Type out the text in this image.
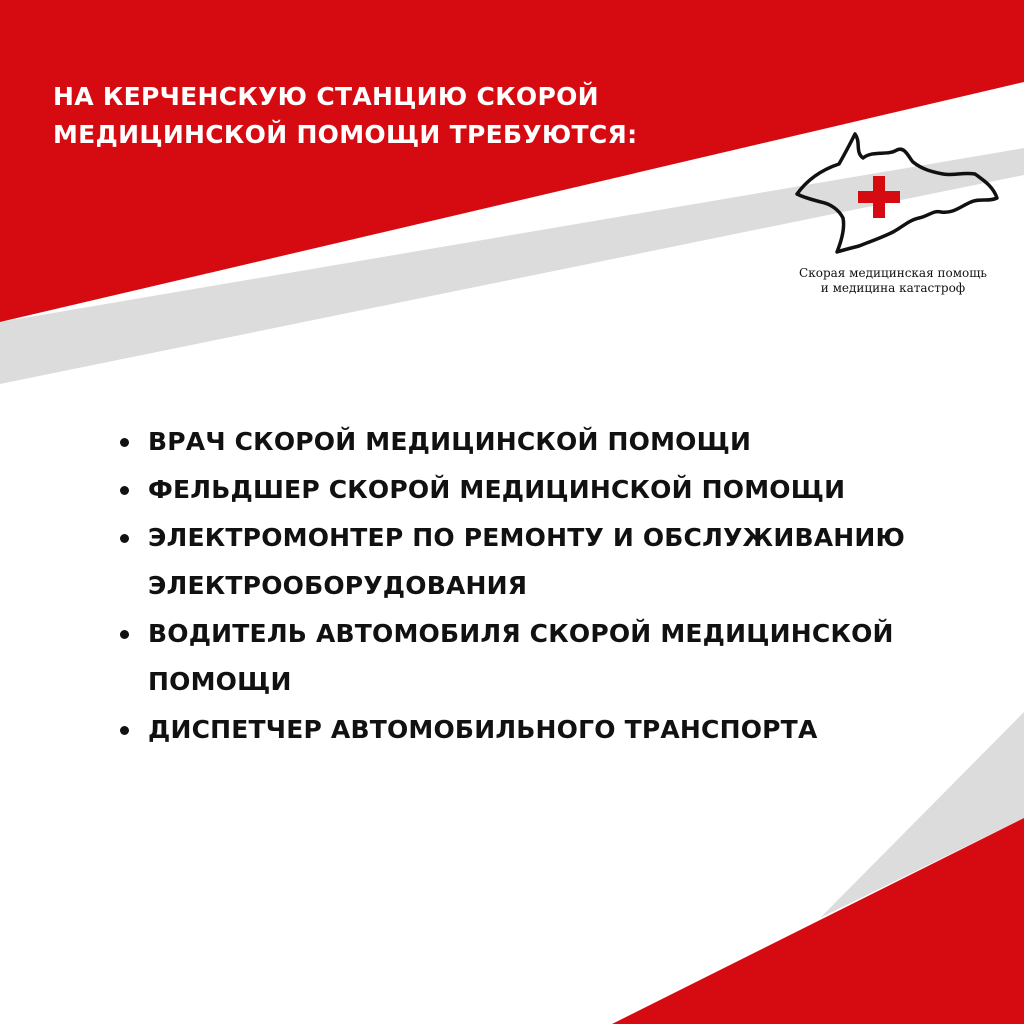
НА КЕРЧЕНСКУЮ СТАНЦИЮ СКОРОЙ
МЕДИЦИНСКОЙ ПОМОЩИ ТРЕБУЮТСЯ:
Скорая медицинская помощь
и медицина катастроф
ВРАЧ СКОРОЙ МЕДИЦИНСКОЙ ПОМОЩИ
ФЕЛЬДШЕР СКОРОЙ МЕДИЦИНСКОЙ ПОМОЩИ
ЭЛЕКТРОМОНТЕР ПО РЕМОНТУ И ОБСЛУЖИВАНИЮ
ЭЛЕКТРООБОРУДОВАНИЯ
ВОДИТЕЛЬ АВТОМОБИЛЯ СКОРОЙ МЕДИЦИНСКОЙ
ПОМОЩИ
ДИСПЕТЧЕР АВТОМОБИЛЬНОГО ТРАНСПОРТА
